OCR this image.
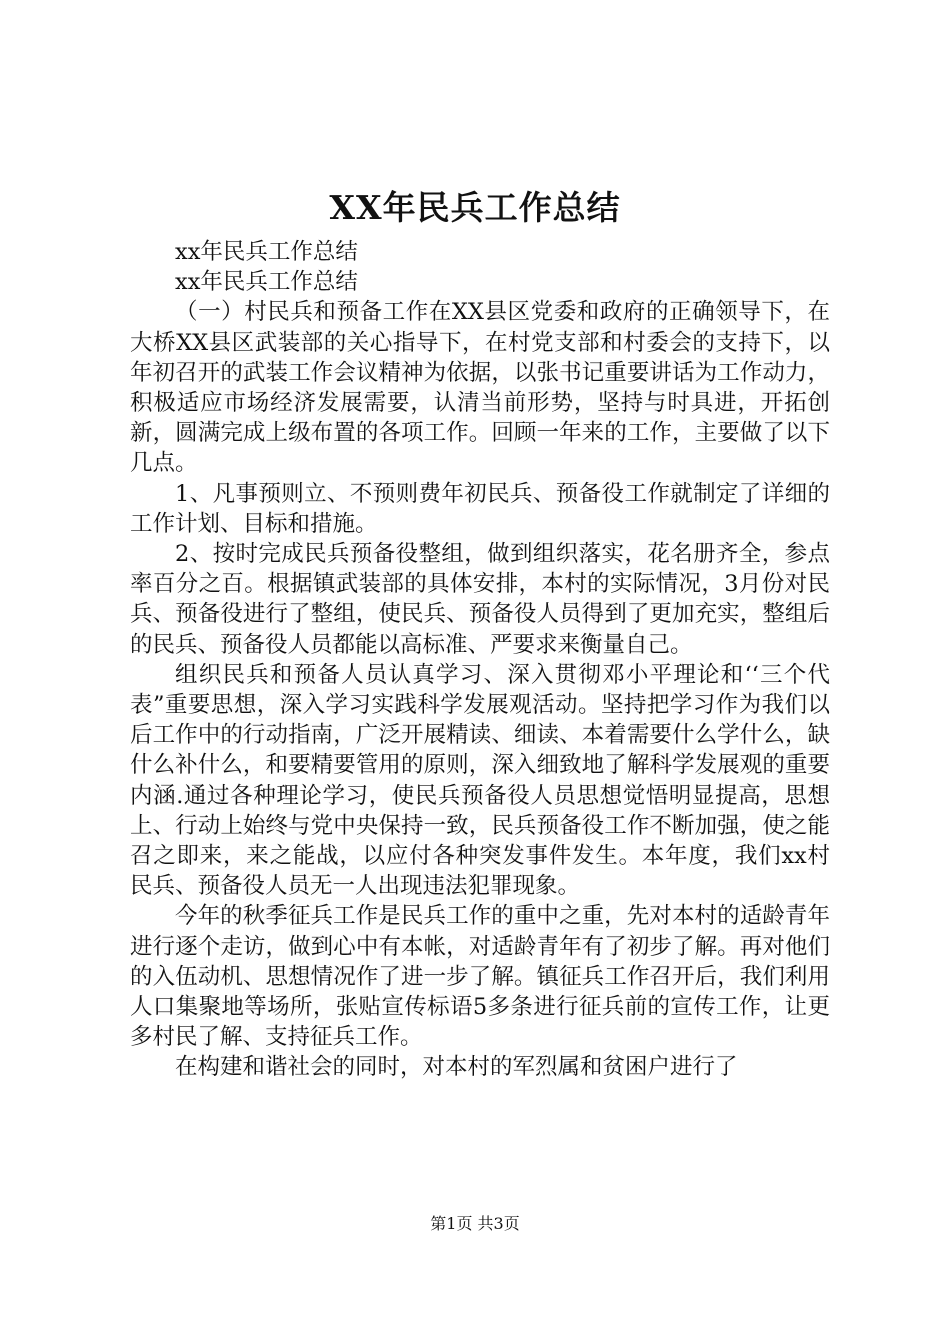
XX年民兵工作总结

xx年民兵工作总结

xx年民兵工作总结

（一）村民兵和预备工作在XX县区党委和政府的正确领导下，在大桥XX县区武装部的关心指导下，在村党支部和村委会的支持下，以年初召开的武装工作会议精神为依据，以张书记重要讲话为工作动力，积极适应市场经济发展需要，认清当前形势，坚持与时具进，开拓创新，圆满完成上级布置的各项工作。回顾一年来的工作，主要做了以下几点。

1、凡事预则立、不预则费年初民兵、预备役工作就制定了详细的工作计划、目标和措施。

2、按时完成民兵预备役整组，做到组织落实，花名册齐全，参点率百分之百。根据镇武装部的具体安排，本村的实际情况，3月份对民兵、预备役进行了整组，使民兵、预备役人员得到了更加充实，整组后的民兵、预备役人员都能以高标准、严要求来衡量自己。

组织民兵和预备人员认真学习、深入贯彻邓小平理论和‘‘三个代表”重要思想，深入学习实践科学发展观活动。坚持把学习作为我们以后工作中的行动指南，广泛开展精读、细读、本着需要什么学什么，缺什么补什么，和要精要管用的原则，深入细致地了解科学发展观的重要内涵.通过各种理论学习，使民兵预备役人员思想觉悟明显提高，思想上、行动上始终与党中央保持一致，民兵预备役工作不断加强，使之能召之即来，来之能战，以应付各种突发事件发生。本年度，我们xx村民兵、预备役人员无一人出现违法犯罪现象。

今年的秋季征兵工作是民兵工作的重中之重，先对本村的适龄青年进行逐个走访，做到心中有本帐，对适龄青年有了初步了解。再对他们的入伍动机、思想情况作了进一步了解。镇征兵工作召开后，我们利用人口集聚地等场所，张贴宣传标语5多条进行征兵前的宣传工作，让更多村民了解、支持征兵工作。

在构建和谐社会的同时，对本村的军烈属和贫困户进行了

第1页 共3页
